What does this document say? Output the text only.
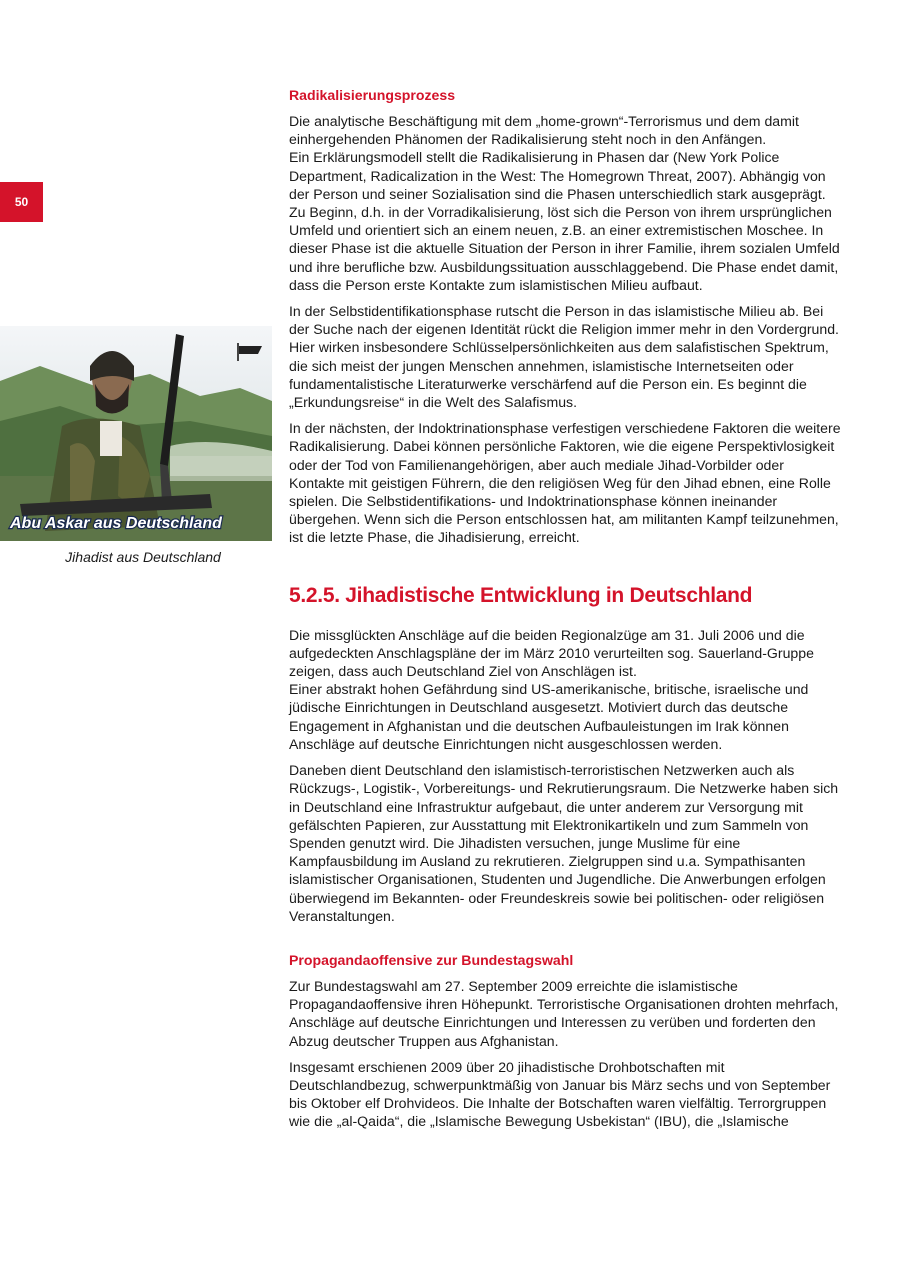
50
Abu Askar aus Deutschland
Jihadist aus Deutschland
Radikalisierungsprozess

Die analytische Beschäftigung mit dem „home-grown“-Terrorismus und dem damit einhergehenden Phänomen der Radikalisierung steht noch in den Anfängen.

Ein Erklärungsmodell stellt die Radikalisierung in Phasen dar (New York Police Department, Radicalization in the West: The Homegrown Threat, 2007). Abhängig von der Person und seiner Sozialisation sind die Phasen unterschiedlich stark ausgeprägt. Zu Beginn, d.h. in der Vorradikalisierung, löst sich die Person von ihrem ursprünglichen Umfeld und orientiert sich an einem neuen, z.B. an einer extremistischen Moschee. In dieser Phase ist die aktuelle Situation der Person in ihrer Familie, ihrem sozialen Umfeld und ihre berufliche bzw. Ausbildungssituation ausschlaggebend. Die Phase endet damit, dass die Person erste Kontakte zum islamistischen Milieu aufbaut.

In der Selbstidentifikationsphase rutscht die Person in das islamistische Milieu ab. Bei der Suche nach der eigenen Identität rückt die Religion immer mehr in den Vordergrund. Hier wirken insbesondere Schlüsselpersönlichkeiten aus dem salafistischen Spektrum, die sich meist der jungen Menschen annehmen, islamistische Internetseiten oder fundamentalistische Literaturwerke verschärfend auf die Person ein. Es beginnt die „Erkundungsreise“ in die Welt des Salafismus.

In der nächsten, der Indoktrinationsphase verfestigen verschiedene Faktoren die weitere Radikalisierung. Dabei können persönliche Faktoren, wie die eigene Perspektivlosigkeit oder der Tod von Familienangehörigen, aber auch mediale Jihad-Vorbilder oder Kontakte mit geistigen Führern, die den religiösen Weg für den Jihad ebnen, eine Rolle spielen. Die Selbstidentifikations- und Indoktrinationsphase können ineinander übergehen. Wenn sich die Person entschlossen hat, am militanten Kampf teilzunehmen, ist die letzte Phase, die Jihadisierung, erreicht.

5.2.5. Jihadistische Entwicklung in Deutschland

Die missglückten Anschläge auf die beiden Regionalzüge am 31. Juli 2006 und die aufgedeckten Anschlagspläne der im März 2010 verurteilten sog. Sauerland-Gruppe zeigen, dass auch Deutschland Ziel von Anschlägen ist.

Einer abstrakt hohen Gefährdung sind US-amerikanische, britische, israelische und jüdische Einrichtungen in Deutschland ausgesetzt. Motiviert durch das deutsche Engagement in Afghanistan und die deutschen Aufbauleistungen im Irak können Anschläge auf deutsche Einrichtungen nicht ausgeschlossen werden.

Daneben dient Deutschland den islamistisch-terroristischen Netzwerken auch als Rückzugs-, Logistik-, Vorbereitungs- und Rekrutierungsraum. Die Netzwerke haben sich in Deutschland eine Infrastruktur aufgebaut, die unter anderem zur Versorgung mit gefälschten Papieren, zur Ausstattung mit Elektronikartikeln und zum Sammeln von Spenden genutzt wird. Die Jihadisten versuchen, junge Muslime für eine Kampfausbildung im Ausland zu rekrutieren. Zielgruppen sind u.a. Sympathisanten islamistischer Organisationen, Studenten und Jugendliche. Die Anwerbungen erfolgen überwiegend im Bekannten- oder Freundeskreis sowie bei politischen- oder religiösen Veranstaltungen.

Propagandaoffensive zur Bundestagswahl

Zur Bundestagswahl am 27. September 2009 erreichte die islamistische Propagandaoffensive ihren Höhepunkt. Terroristische Organisationen drohten mehrfach, Anschläge auf deutsche Einrichtungen und Interessen zu verüben und forderten den Abzug deutscher Truppen aus Afghanistan.

Insgesamt erschienen 2009 über 20 jihadistische Drohbotschaften mit Deutschlandbezug, schwerpunktmäßig von Januar bis März sechs und von September bis Oktober elf Drohvideos. Die Inhalte der Botschaften waren vielfältig. Terrorgruppen wie die „al-Qaida“, die „Islamische Bewegung Usbekistan“ (IBU), die „Islamische
